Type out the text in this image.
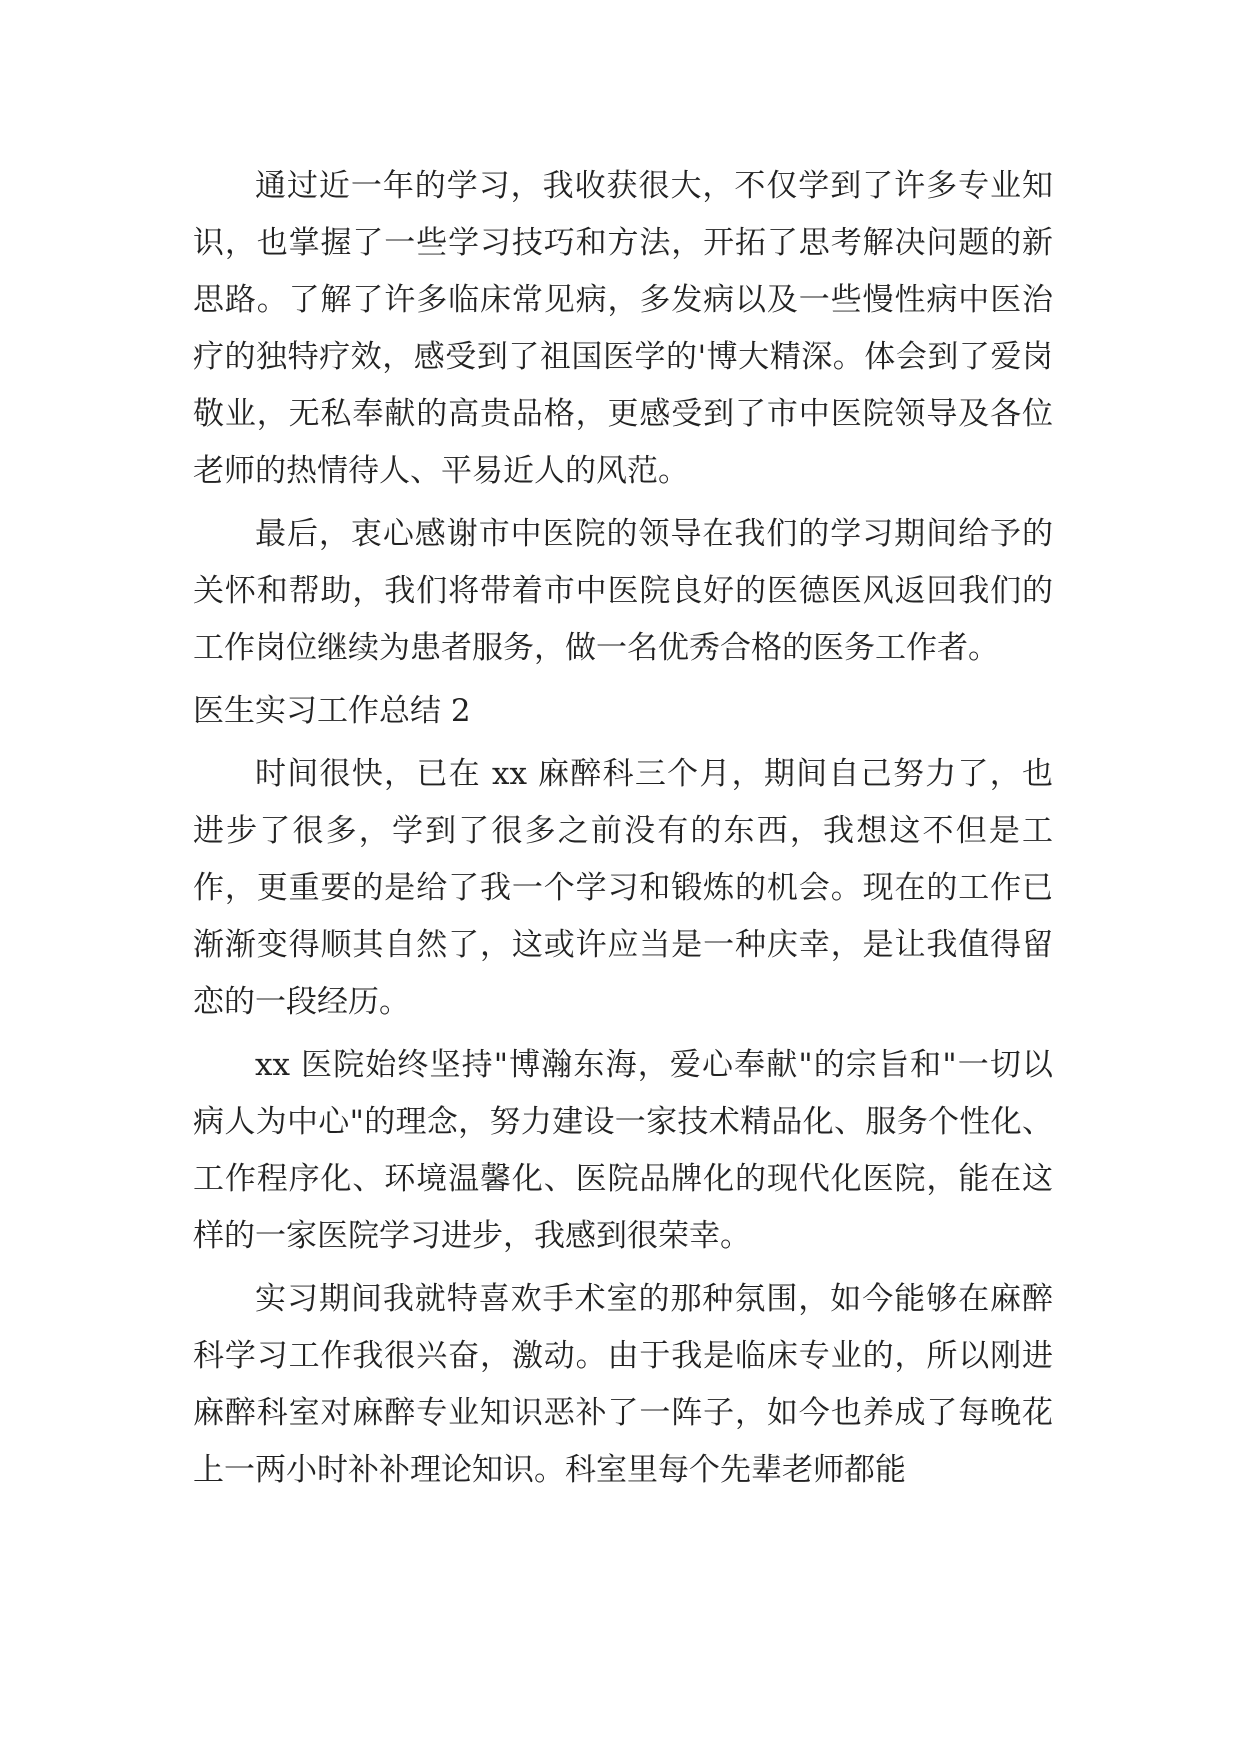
通过近一年的学习，我收获很大，不仅学到了许多专业知识，也掌握了一些学习技巧和方法，开拓了思考解决问题的新思路。了解了许多临床常见病，多发病以及一些慢性病中医治疗的独特疗效，感受到了祖国医学的'博大精深。体会到了爱岗敬业，无私奉献的高贵品格，更感受到了市中医院领导及各位老师的热情待人、平易近人的风范。

最后，衷心感谢市中医院的领导在我们的学习期间给予的关怀和帮助，我们将带着市中医院良好的医德医风返回我们的工作岗位继续为患者服务，做一名优秀合格的医务工作者。

医生实习工作总结 2

时间很快，已在 xx 麻醉科三个月，期间自己努力了，也进步了很多，学到了很多之前没有的东西，我想这不但是工作，更重要的是给了我一个学习和锻炼的机会。现在的工作已渐渐变得顺其自然了，这或许应当是一种庆幸，是让我值得留恋的一段经历。

xx 医院始终坚持"博瀚东海，爱心奉献"的宗旨和"一切以病人为中心"的理念，努力建设一家技术精品化、服务个性化、工作程序化、环境温馨化、医院品牌化的现代化医院，能在这样的一家医院学习进步，我感到很荣幸。

实习期间我就特喜欢手术室的那种氛围，如今能够在麻醉科学习工作我很兴奋，激动。由于我是临床专业的，所以刚进麻醉科室对麻醉专业知识恶补了一阵子，如今也养成了每晚花上一两小时补补理论知识。科室里每个先辈老师都能
